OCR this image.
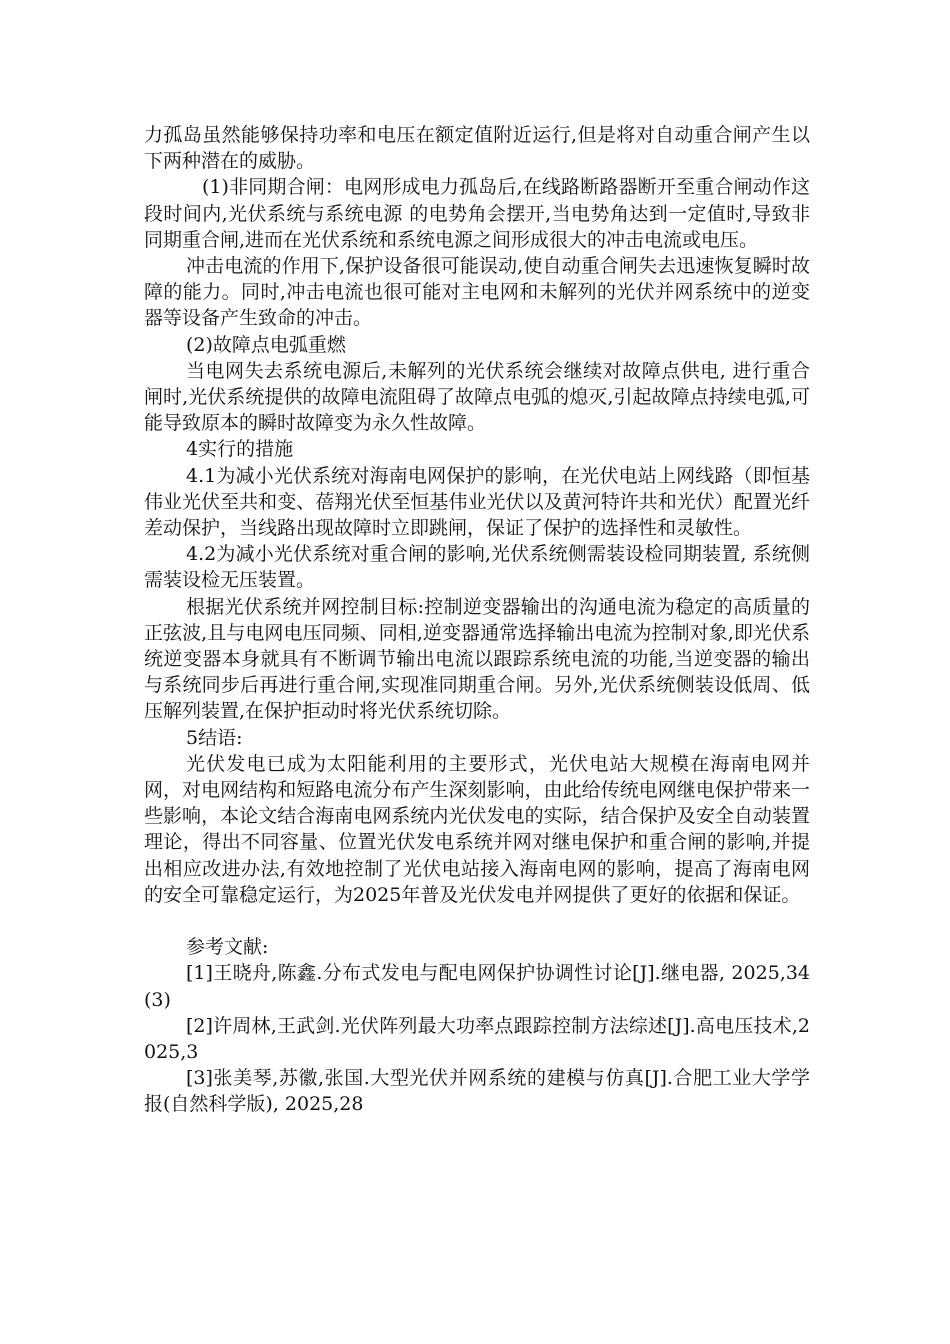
力孤岛虽然能够保持功率和电压在额定值附近运行,但是将对自动重合闸产生以下两种潜在的威胁。

(1)非同期合闸：电网形成电力孤岛后,在线路断路器断开至重合闸动作这段时间内,光伏系统与系统电源 的电势角会摆开,当电势角达到一定值时,导致非同期重合闸,进而在光伏系统和系统电源之间形成很大的冲击电流或电压。

冲击电流的作用下,保护设备很可能误动,使自动重合闸失去迅速恢复瞬时故障的能力。同时,冲击电流也很可能对主电网和未解列的光伏并网系统中的逆变器等设备产生致命的冲击。

(2)故障点电弧重燃

当电网失去系统电源后,未解列的光伏系统会继续对故障点供电, 进行重合闸时,光伏系统提供的故障电流阻碍了故障点电弧的熄灭,引起故障点持续电弧,可能导致原本的瞬时故障变为永久性故障。

4实行的措施

4.1为减小光伏系统对海南电网保护的影响，在光伏电站上网线路（即恒基伟业光伏至共和变、蓓翔光伏至恒基伟业光伏以及黄河特许共和光伏）配置光纤差动保护，当线路出现故障时立即跳闸，保证了保护的选择性和灵敏性。

4.2为减小光伏系统对重合闸的影响,光伏系统侧需装设检同期装置, 系统侧需装设检无压装置。

根据光伏系统并网控制目标:控制逆变器输出的沟通电流为稳定的高质量的正弦波,且与电网电压同频、同相,逆变器通常选择输出电流为控制对象,即光伏系统逆变器本身就具有不断调节输出电流以跟踪系统电流的功能,当逆变器的输出与系统同步后再进行重合闸,实现准同期重合闸。另外,光伏系统侧装设低周、低压解列装置,在保护拒动时将光伏系统切除。

5结语:

光伏发电已成为太阳能利用的主要形式，光伏电站大规模在海南电网并网，对电网结构和短路电流分布产生深刻影响，由此给传统电网继电保护带来一些影响，本论文结合海南电网系统内光伏发电的实际，结合保护及安全自动装置理论，得出不同容量、位置光伏发电系统并网对继电保护和重合闸的影响,并提出相应改进办法,有效地控制了光伏电站接入海南电网的影响，提高了海南电网的安全可靠稳定运行，为2025年普及光伏发电并网提供了更好的依据和保证。

参考文献:

[1]王晓舟,陈鑫.分布式发电与配电网保护协调性讨论[J].继电器, 2025,34(3)

[2]许周林,王武剑.光伏阵列最大功率点跟踪控制方法综述[J].高电压技术,2025,3

[3]张美琴,苏徽,张国.大型光伏并网系统的建模与仿真[J].合肥工业大学学报(自然科学版), 2025,28
